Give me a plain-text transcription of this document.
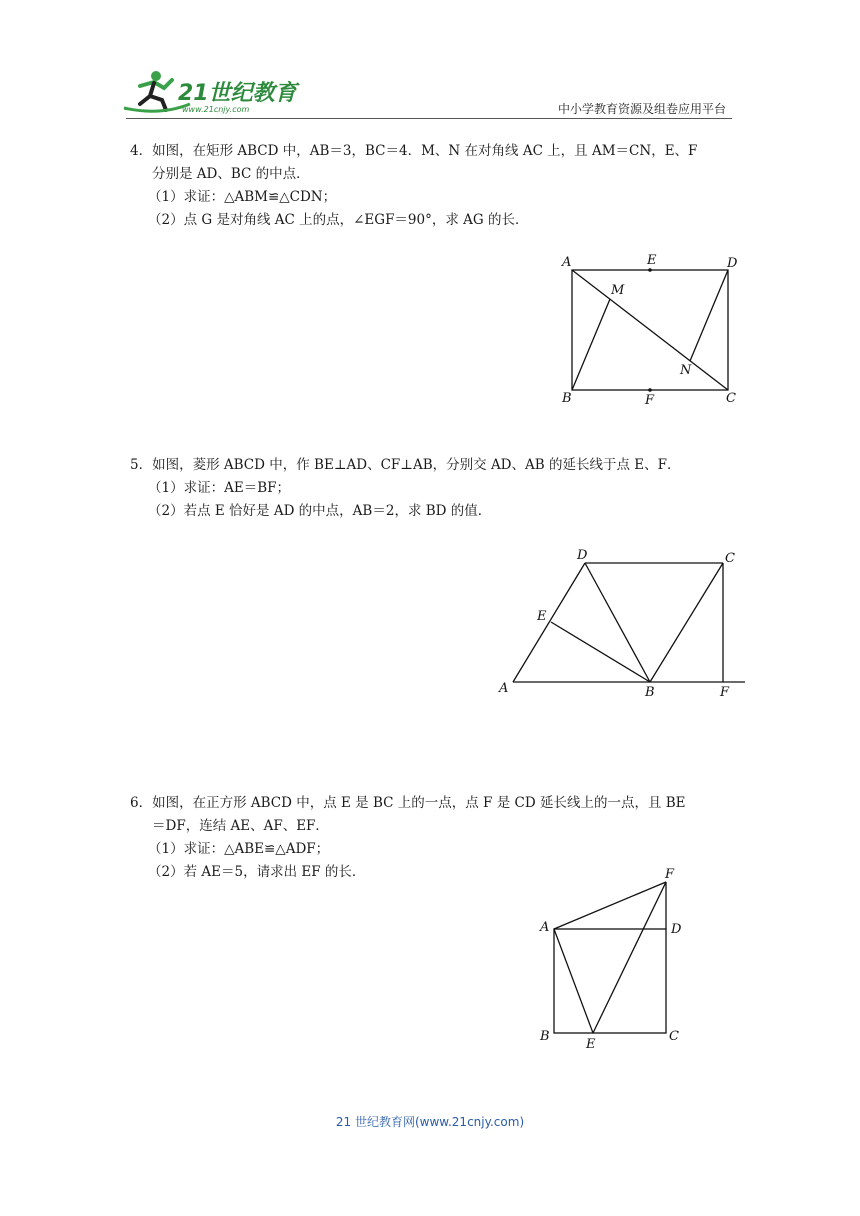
21世纪教育
www.21cnjy.com	中小学教育资源及组卷应用平台

4．如图，在矩形 ABCD 中，AB＝3，BC＝4．M、N 在对角线 AC 上，且 AM＝CN，E、F

分别是 AD、BC 的中点．

（1）求证：△ABM≌△CDN；

（2）点 G 是对角线 AC 上的点，∠EGF＝90°，求 AG 的长．

A	E	D
M
N
B	F	C

5．如图，菱形 ABCD 中，作 BE⊥AD、CF⊥AB，分别交 AD、AB 的延长线于点 E、F．

（1）求证：AE＝BF；

（2）若点 E 恰好是 AD 的中点，AB＝2，求 BD 的值．

D	C
E
A	B	F

6．如图，在正方形 ABCD 中，点 E 是 BC 上的一点，点 F 是 CD 延长线上的一点，且 BE

＝DF，连结 AE、AF、EF．

（1）求证：△ABE≌△ADF；

（2）若 AE＝5，请求出 EF 的长．	F
A	D
B
E
C
21 世纪教育网(www.21cnjy.com)
